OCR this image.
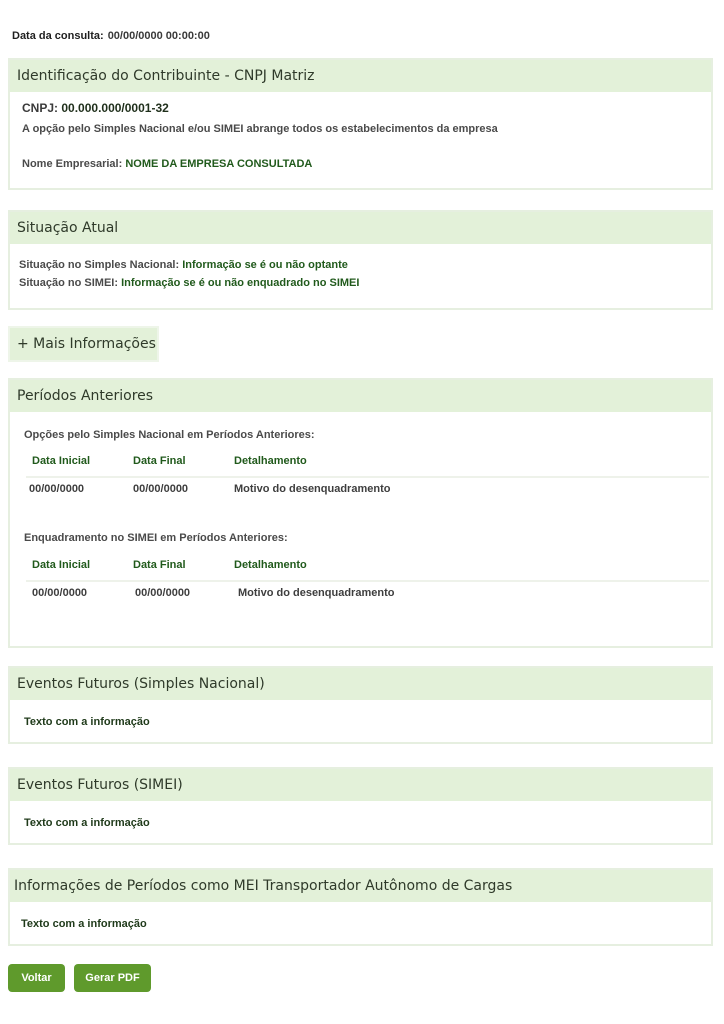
Data da consulta: 00/00/0000 00:00:00
Identificação do Contribuinte - CNPJ Matriz
CNPJ: 00.000.000/0001-32
A opção pelo Simples Nacional e/ou SIMEI abrange todos os estabelecimentos da empresa
Nome Empresarial: NOME DA EMPRESA CONSULTADA
Situação Atual
Situação no Simples Nacional: Informação se é ou não optante
Situação no SIMEI: Informação se é ou não enquadrado no SIMEI
+ Mais Informações
Períodos Anteriores
Opções pelo Simples Nacional em Períodos Anteriores:
Data Inicial	Data Final	Detalhamento
00/00/0000	00/00/0000	Motivo do desenquadramento
Enquadramento no SIMEI em Períodos Anteriores:
Data Inicial	Data Final	Detalhamento
00/00/0000	00/00/0000	Motivo do desenquadramento
Eventos Futuros (Simples Nacional)
Texto com a informação
Eventos Futuros (SIMEI)
Texto com a informação
Informações de Períodos como MEI Transportador Autônomo de Cargas
Texto com a informação
Voltar	Gerar PDF
